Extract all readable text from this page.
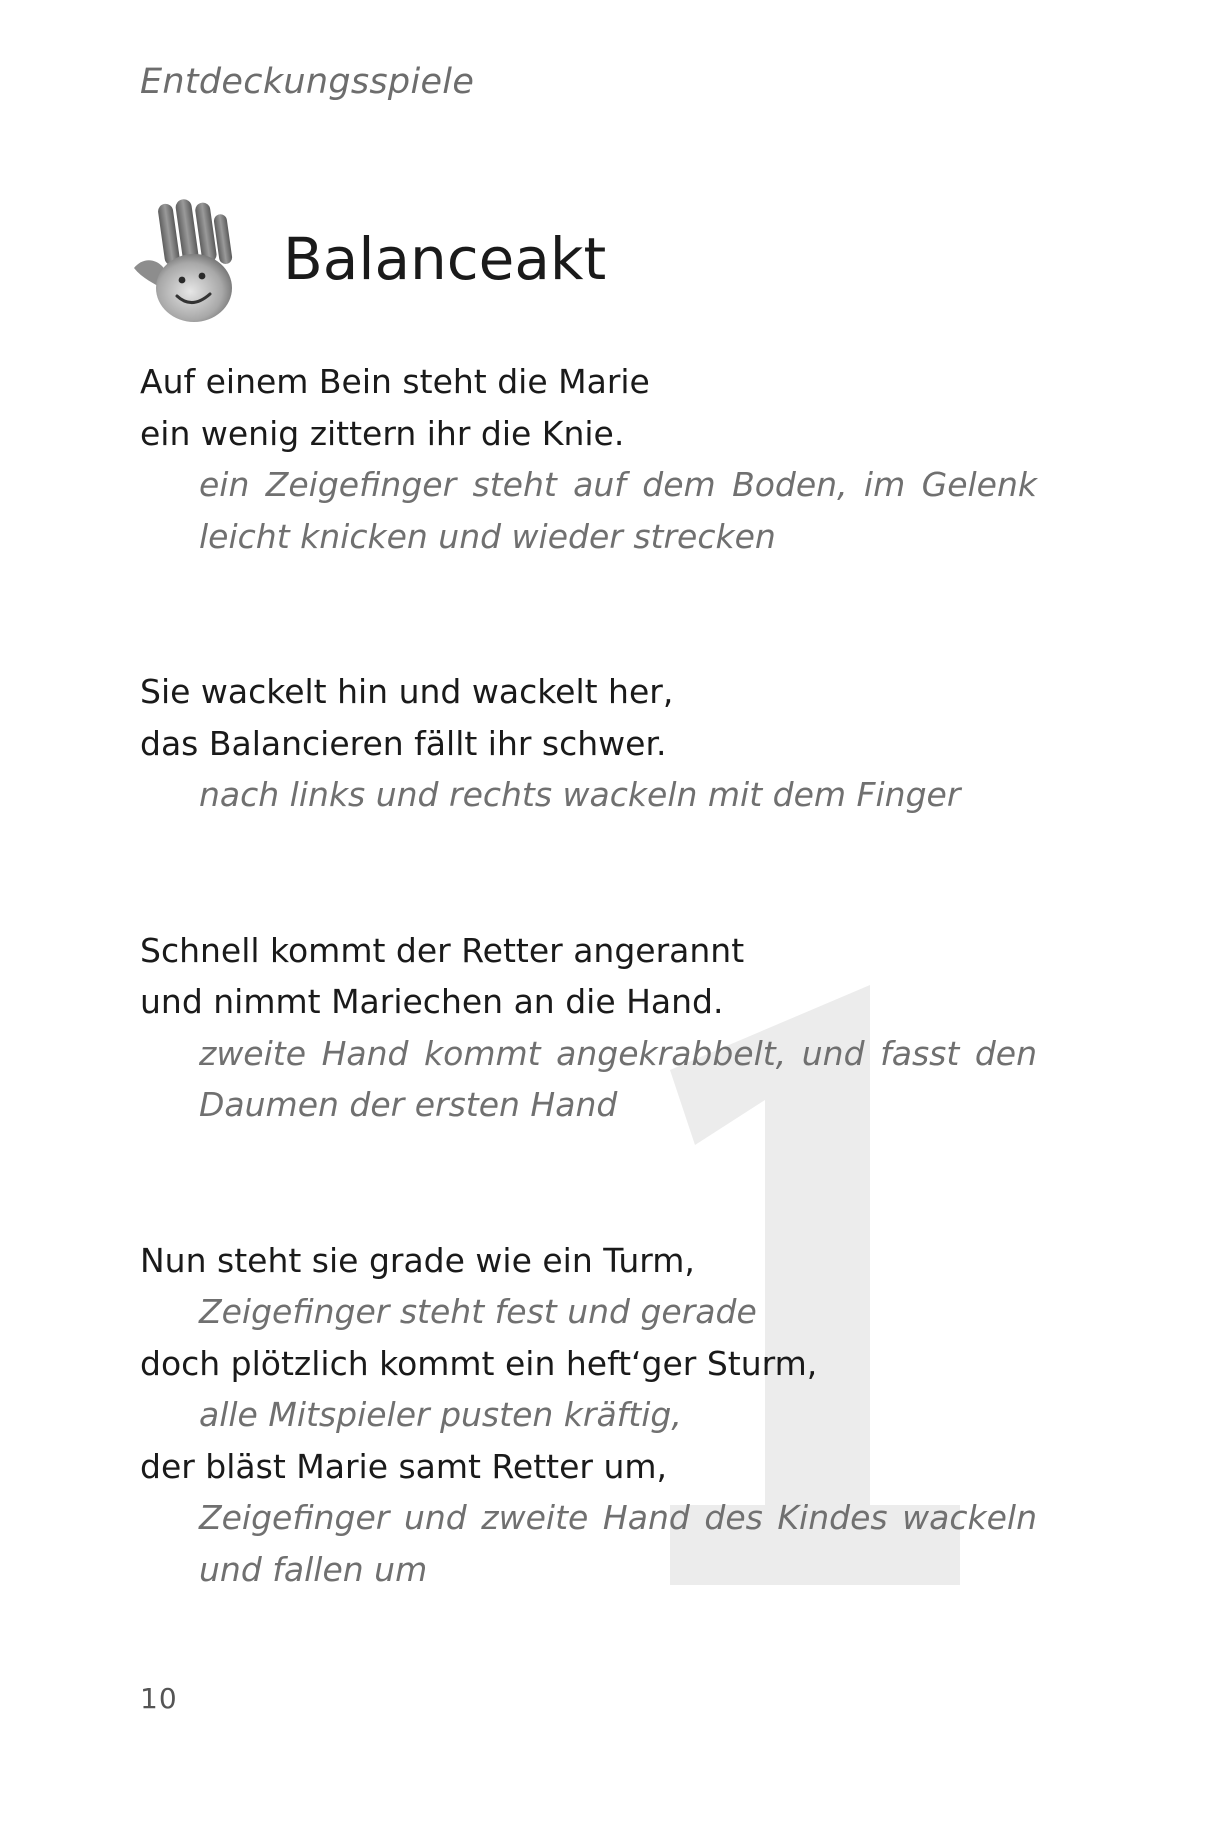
Entdeckungsspiele
Balanceakt
Auf einem Bein steht die Marie
ein wenig zittern ihr die Knie.
ein Zeigefinger steht auf dem Boden, im Gelenk
leicht knicken und wieder strecken
Sie wackelt hin und wackelt her,
das Balancieren fällt ihr schwer.
nach links und rechts wackeln mit dem Finger
Schnell kommt der Retter angerannt
und nimmt Mariechen an die Hand.
zweite Hand kommt angekrabbelt, und fasst den
Daumen der ersten Hand
Nun steht sie grade wie ein Turm,
Zeigefinger steht fest und gerade
doch plötzlich kommt ein heft‘ger Sturm,
alle Mitspieler pusten kräftig,
der bläst Marie samt Retter um,
Zeigefinger und zweite Hand des Kindes wackeln
und fallen um
10
